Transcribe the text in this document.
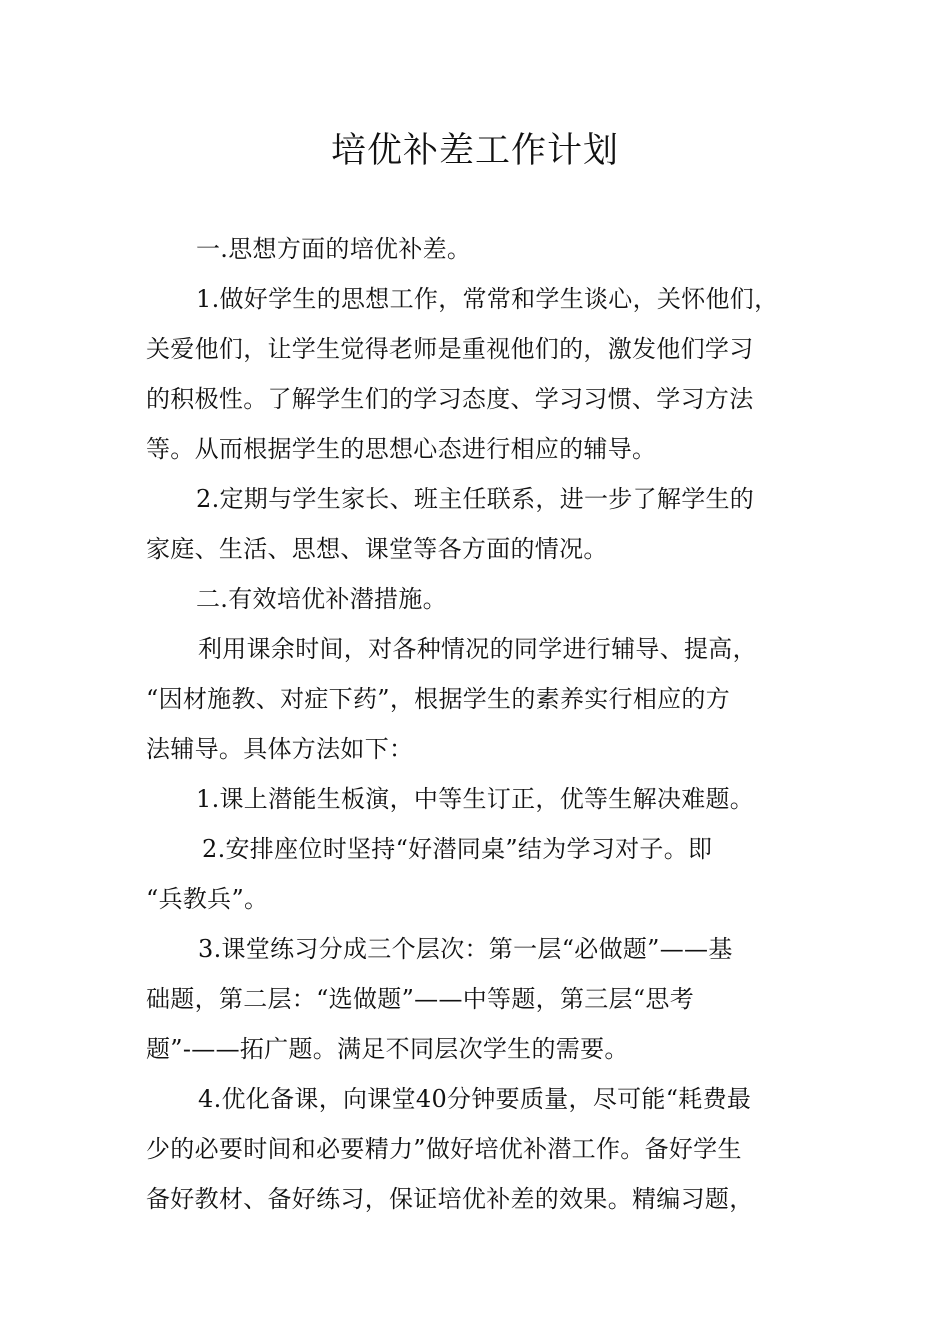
培优补差工作计划
一.思想方面的培优补差。
1.做好学生的思想工作，常常和学生谈心，关怀他们，
关爱他们，让学生觉得老师是重视他们的，激发他们学习
的积极性。了解学生们的学习态度、学习习惯、学习方法
等。从而根据学生的思想心态进行相应的辅导。
2.定期与学生家长、班主任联系，进一步了解学生的
家庭、生活、思想、课堂等各方面的情况。
二.有效培优补潜措施。
利用课余时间，对各种情况的同学进行辅导、提高，
“因材施教、对症下药”，根据学生的素养实行相应的方
法辅导。具体方法如下：
1.课上潜能生板演，中等生订正，优等生解决难题。
2.安排座位时坚持“好潜同桌”结为学习对子。即
“兵教兵”。
3.课堂练习分成三个层次：第一层“必做题”——基
础题，第二层：“选做题”——中等题，第三层“思考
题”-——拓广题。满足不同层次学生的需要。
4.优化备课，向课堂40分钟要质量，尽可能“耗费最
少的必要时间和必要精力”做好培优补潜工作。备好学生
备好教材、备好练习，保证培优补差的效果。精编习题，
